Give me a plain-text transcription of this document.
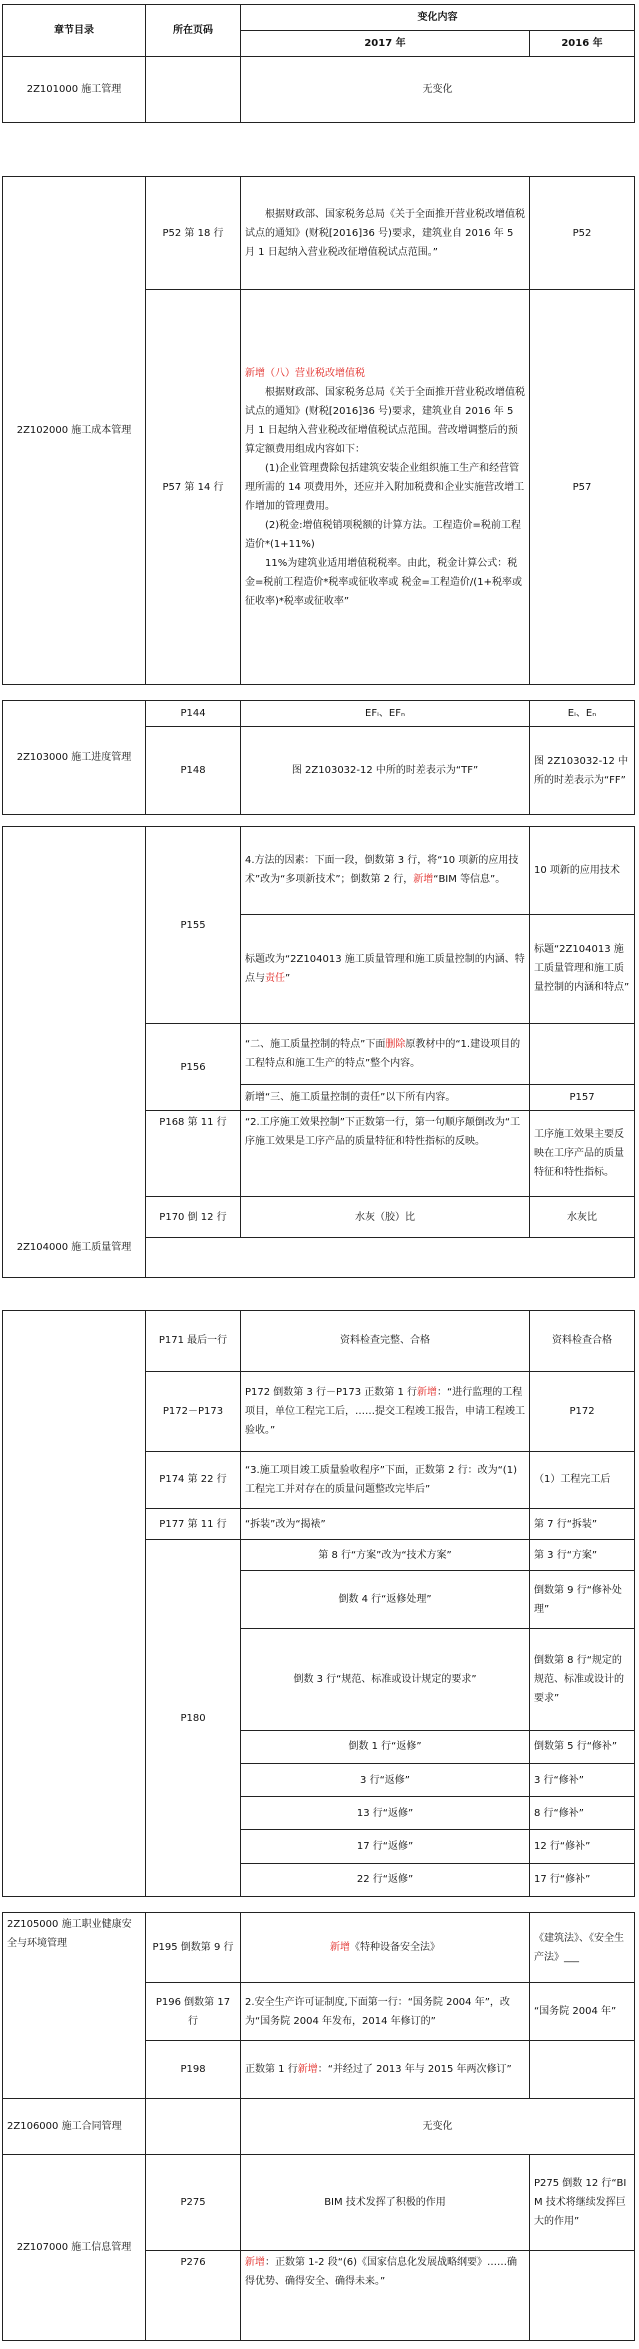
章节目录	所在页码	变化内容	
		2017 年	2016 年
2Z101000 施工管理		无变化	
2Z102000 施工成本管理	P52 第 18 行	根据财政部、国家税务总局《关于全面推开营业税改增值税试点的通知》(财税[2016]36 号)要求，建筑业自 2016 年 5 月 1 日起纳入营业税改征增值税试点范围。”	P52
	P57 第 14 行	新增（八）营业税改增值税
根据财政部、国家税务总局《关于全面推开营业税改增值税试点的通知》(财税[2016]36 号)要求，建筑业自 2016 年 5 月 1 日起纳入营业税改征增值税试点范围。营改增调整后的预算定额费用组成内容如下：
(1)企业管理费除包括建筑安装企业组织施工生产和经营管理所需的 14 项费用外，还应并入附加税费和企业实施营改增工作增加的管理费用。
(2)税金:增值税销项税额的计算方法。工程造价=税前工程造价*(1+11%)
11%为建筑业适用增值税税率。由此，税金计算公式：税金=税前工程造价*税率或征收率或 税金=工程造价/(1+税率或征收率)*税率或征收率”	P57
2Z103000 施工进度管理	P144	EFᵢ、EFₙ	Eᵢ、Eₙ
	P148	图 2Z103032-12 中所的时差表示为“TF”	图 2Z103032-12 中所的时差表示为“FF”
2Z104000 施工质量管理	P155	4.方法的因素：下面一段，倒数第 3 行，将“10 项新的应用技术”改为“多项新技术”；倒数第 2 行，新增“BIM 等信息”。	10 项新的应用技术
		标题改为“2Z104013 施工质量管理和施工质量控制的内涵、特点与责任”	标题“2Z104013 施工质量管理和施工质量控制的内涵和特点”
	P156	“二、施工质量控制的特点”下面删除原教材中的“1.建设项目的工程特点和施工生产的特点”整个内容。	
		新增“三、施工质量控制的责任”以下所有内容。	P157
	P168 第 11 行	“2.工序施工效果控制”下正数第一行，第一句顺序颠倒改为“工序施工效果是工序产品的质量特征和特性指标的反映。	工序施工效果主要反映在工序产品的质量特征和特性指标。
	P170 倒 12 行	水灰（胶）比	水灰比

	P171 最后一行	资料检查完整、合格	资料检查合格
	P172－P173	P172 倒数第 3 行－P173 正数第 1 行新增：“进行监理的工程项目，单位工程完工后，……提交工程竣工报告，申请工程竣工验收。”	P172
	P174 第 22 行	“3.施工项目竣工质量验收程序”下面，正数第 2 行：改为“(1)工程完工并对存在的质量问题整改完毕后”	（1）工程完工后
	P177 第 11 行	“拆装”改为“揭裱”	第 7 行“拆装”
	P180	第 8 行“方案”改为“技术方案”	第 3 行“方案”
		倒数 4 行“返修处理”	倒数第 9 行“修补处理”
		倒数 3 行“规范、标准或设计规定的要求”	倒数第 8 行“规定的规范、标准或设计的要求”
		倒数 1 行“返修”	倒数第 5 行“修补”
		3 行“返修”	3 行“修补”
		13 行“返修”	8 行“修补”
		17 行“返修”	12 行“修补”
		22 行“返修”	17 行“修补”
2Z105000 施工职业健康安全与环境管理	P195 倒数第 9 行	新增《特种设备安全法》	《建筑法》、《安全生产法》___
	P196 倒数第 17 行	2.安全生产许可证制度,下面第一行：“国务院 2004 年”，改为“国务院 2004 年发布，2014 年修订的”	“国务院 2004 年”
	P198	正数第 1 行新增：“并经过了 2013 年与 2015 年两次修订”	
2Z106000 施工合同管理		无变化	
2Z107000 施工信息管理	P275	BIM 技术发挥了积极的作用	P275 倒数 12 行“BIM 技术将继续发挥巨大的作用”
	P276	新增：正数第 1-2 段“(6)《国家信息化发展战略纲要》……确得优势、确得安全、确得未来。”	
